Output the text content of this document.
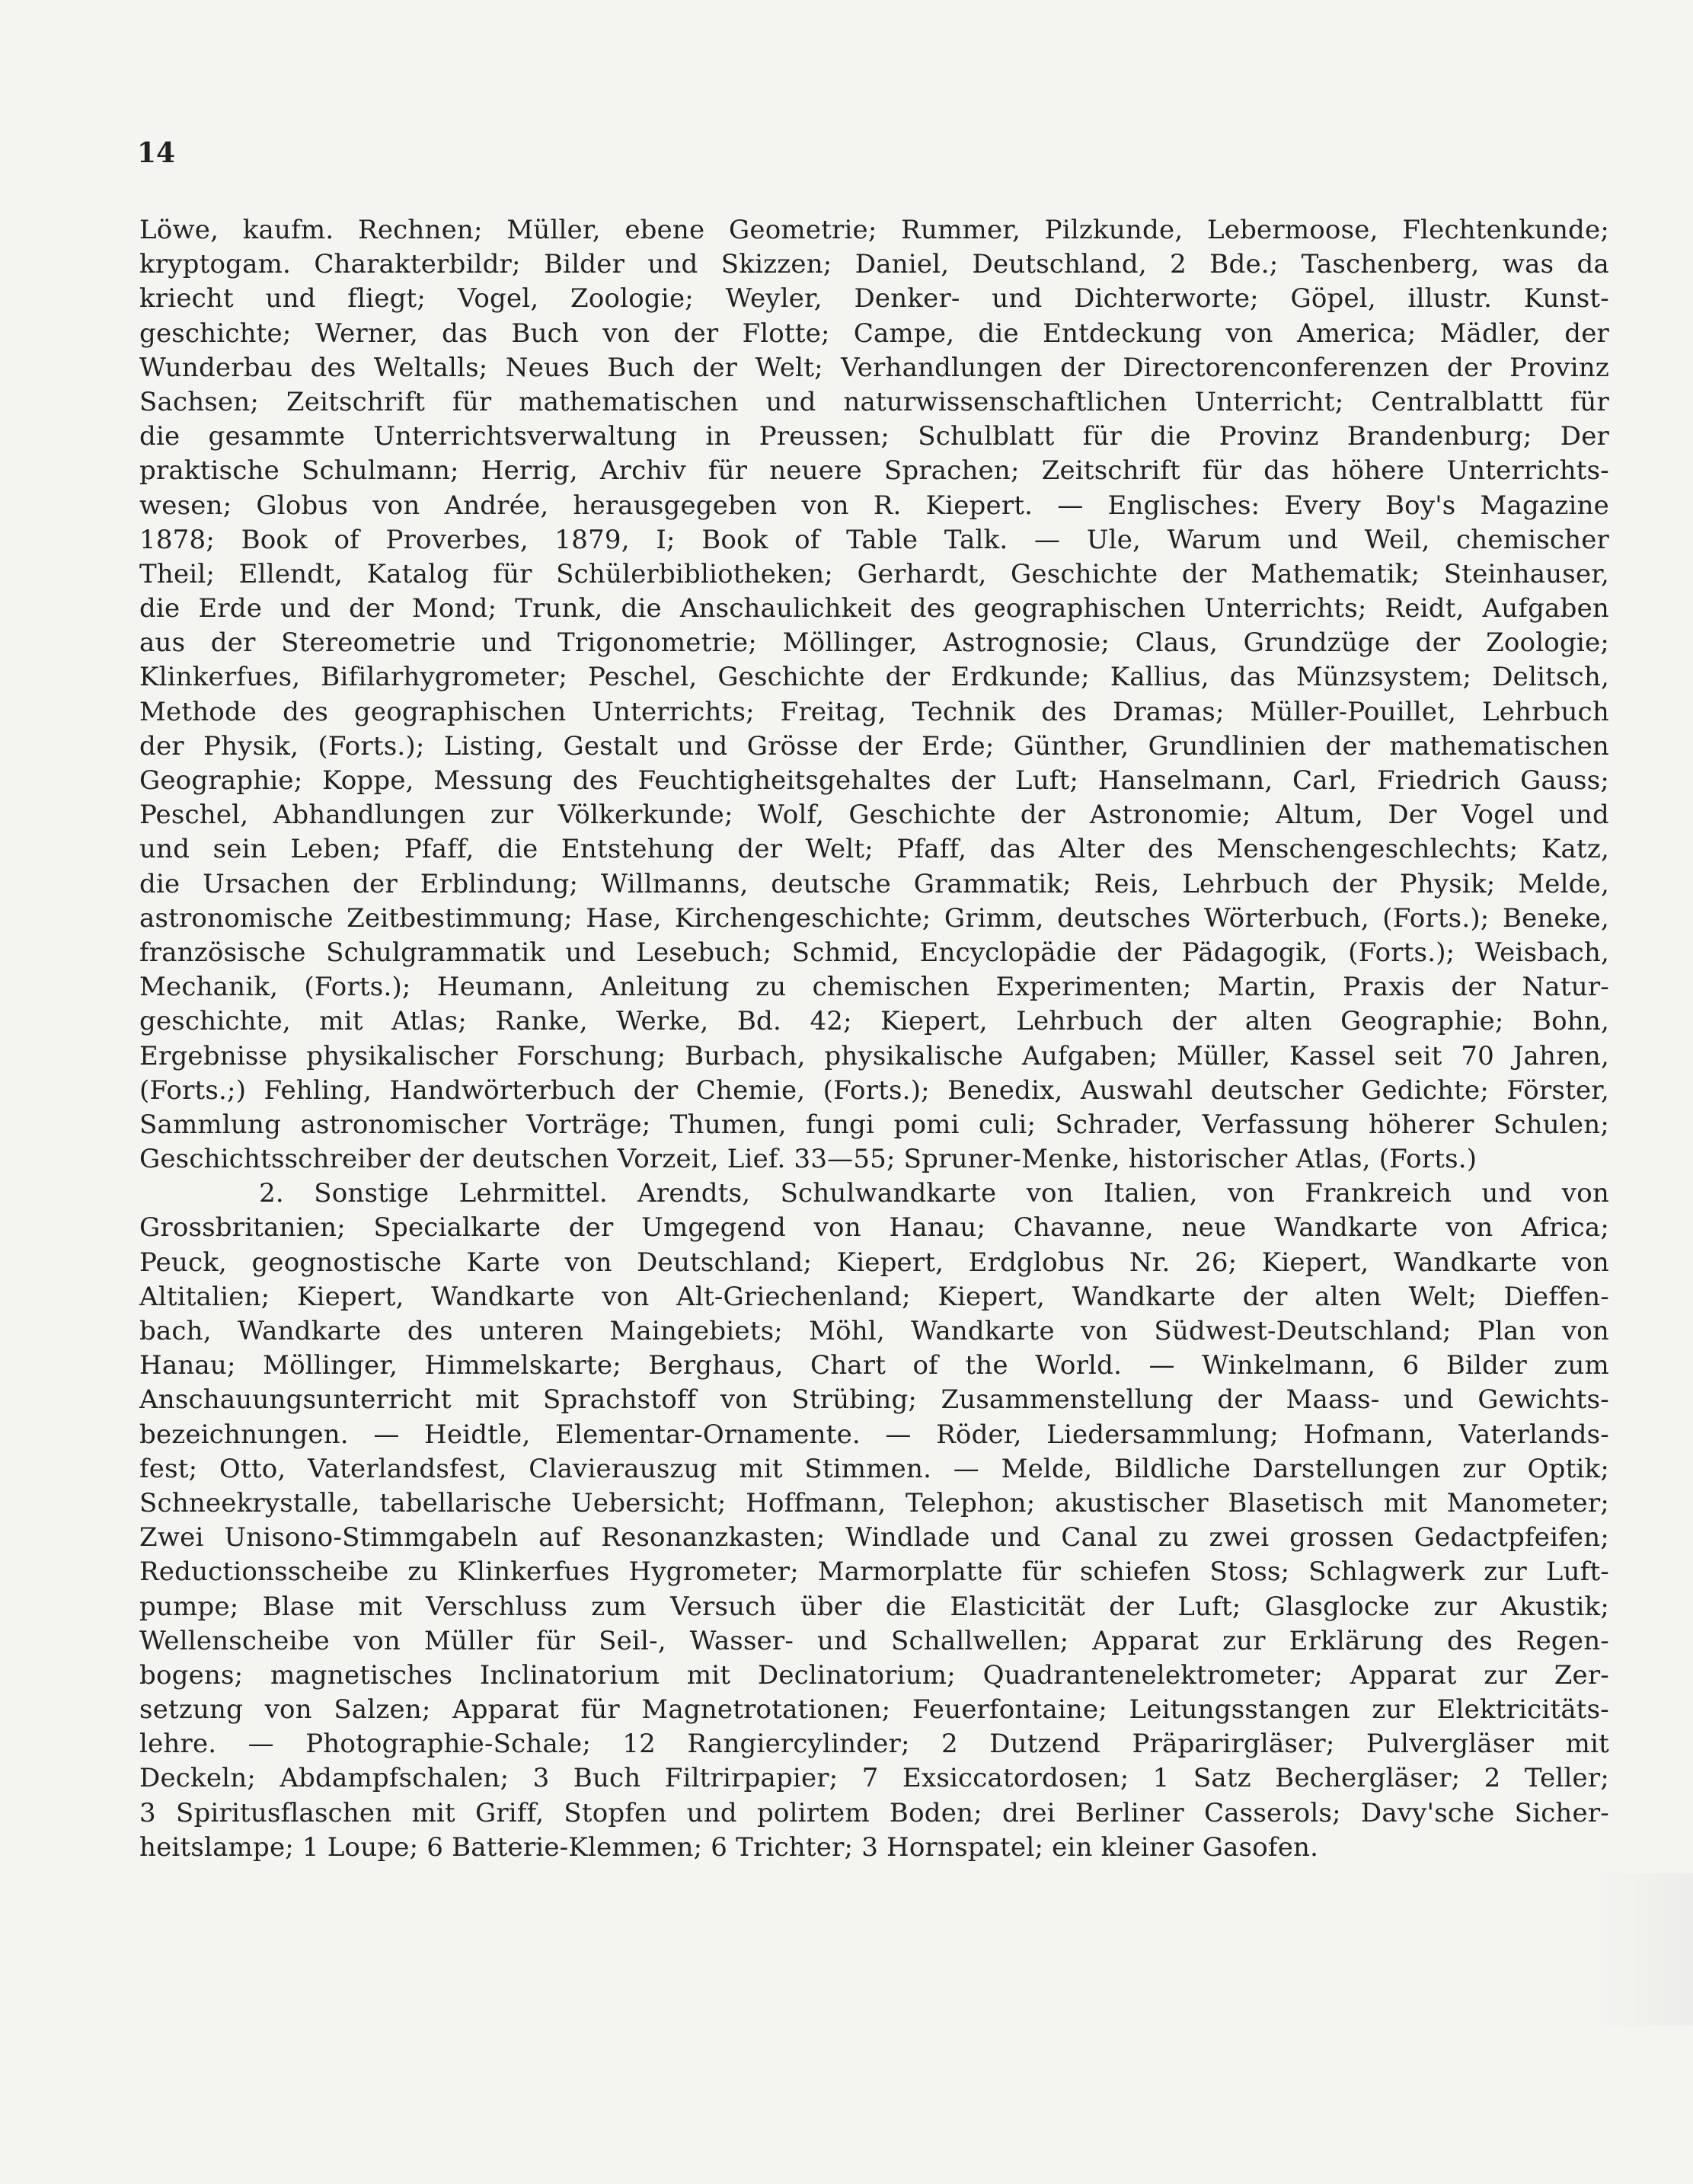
14
Löwe, kaufm. Rechnen; Müller, ebene Geometrie; Rummer, Pilzkunde, Lebermoose, Flechtenkunde;
kryptogam. Charakterbildr; Bilder und Skizzen; Daniel, Deutschland, 2 Bde.; Taschenberg, was da
kriecht und fliegt; Vogel, Zoologie; Weyler, Denker- und Dichterworte; Göpel, illustr. Kunst-
geschichte; Werner, das Buch von der Flotte; Campe, die Entdeckung von America; Mädler, der
Wunderbau des Weltalls; Neues Buch der Welt; Verhandlungen der Directorenconferenzen der Provinz
Sachsen; Zeitschrift für mathematischen und naturwissenschaftlichen Unterricht; Centralblattt für
die gesammte Unterrichtsverwaltung in Preussen; Schulblatt für die Provinz Brandenburg; Der
praktische Schulmann; Herrig, Archiv für neuere Sprachen; Zeitschrift für das höhere Unterrichts-
wesen; Globus von Andrée, herausgegeben von R. Kiepert. — Englisches: Every Boy's Magazine
1878; Book of Proverbes, 1879, I; Book of Table Talk. — Ule, Warum und Weil, chemischer
Theil; Ellendt, Katalog für Schülerbibliotheken; Gerhardt, Geschichte der Mathematik; Steinhauser,
die Erde und der Mond; Trunk, die Anschaulichkeit des geographischen Unterrichts; Reidt, Aufgaben
aus der Stereometrie und Trigonometrie; Möllinger, Astrognosie; Claus, Grundzüge der Zoologie;
Klinkerfues, Bifilarhygrometer; Peschel, Geschichte der Erdkunde; Kallius, das Münzsystem; Delitsch,
Methode des geographischen Unterrichts; Freitag, Technik des Dramas; Müller-Pouillet, Lehrbuch
der Physik, (Forts.); Listing, Gestalt und Grösse der Erde; Günther, Grundlinien der mathematischen
Geographie; Koppe, Messung des Feuchtigheitsgehaltes der Luft; Hanselmann, Carl, Friedrich Gauss;
Peschel, Abhandlungen zur Völkerkunde; Wolf, Geschichte der Astronomie; Altum, Der Vogel und
und sein Leben; Pfaff, die Entstehung der Welt; Pfaff, das Alter des Menschengeschlechts; Katz,
die Ursachen der Erblindung; Willmanns, deutsche Grammatik; Reis, Lehrbuch der Physik; Melde,
astronomische Zeitbestimmung; Hase, Kirchengeschichte; Grimm, deutsches Wörterbuch, (Forts.); Beneke,
französische Schulgrammatik und Lesebuch; Schmid, Encyclopädie der Pädagogik, (Forts.); Weisbach,
Mechanik, (Forts.); Heumann, Anleitung zu chemischen Experimenten; Martin, Praxis der Natur-
geschichte, mit Atlas; Ranke, Werke, Bd. 42; Kiepert, Lehrbuch der alten Geographie; Bohn,
Ergebnisse physikalischer Forschung; Burbach, physikalische Aufgaben; Müller, Kassel seit 70 Jahren,
(Forts.;) Fehling, Handwörterbuch der Chemie, (Forts.); Benedix, Auswahl deutscher Gedichte; Förster,
Sammlung astronomischer Vorträge; Thumen, fungi pomi culi; Schrader, Verfassung höherer Schulen;
Geschichtsschreiber der deutschen Vorzeit, Lief. 33—55; Spruner-Menke, historischer Atlas, (Forts.)
2. Sonstige Lehrmittel. Arendts, Schulwandkarte von Italien, von Frankreich und von
Grossbritanien; Specialkarte der Umgegend von Hanau; Chavanne, neue Wandkarte von Africa;
Peuck, geognostische Karte von Deutschland; Kiepert, Erdglobus Nr. 26; Kiepert, Wandkarte von
Altitalien; Kiepert, Wandkarte von Alt-Griechenland; Kiepert, Wandkarte der alten Welt; Dieffen-
bach, Wandkarte des unteren Maingebiets; Möhl, Wandkarte von Südwest-Deutschland; Plan von
Hanau; Möllinger, Himmelskarte; Berghaus, Chart of the World. — Winkelmann, 6 Bilder zum
Anschauungsunterricht mit Sprachstoff von Strübing; Zusammenstellung der Maass- und Gewichts-
bezeichnungen. — Heidtle, Elementar-Ornamente. — Röder, Liedersammlung; Hofmann, Vaterlands-
fest; Otto, Vaterlandsfest, Clavierauszug mit Stimmen. — Melde, Bildliche Darstellungen zur Optik;
Schneekrystalle, tabellarische Uebersicht; Hoffmann, Telephon; akustischer Blasetisch mit Manometer;
Zwei Unisono-Stimmgabeln auf Resonanzkasten; Windlade und Canal zu zwei grossen Gedactpfeifen;
Reductionsscheibe zu Klinkerfues Hygrometer; Marmorplatte für schiefen Stoss; Schlagwerk zur Luft-
pumpe; Blase mit Verschluss zum Versuch über die Elasticität der Luft; Glasglocke zur Akustik;
Wellenscheibe von Müller für Seil-, Wasser- und Schallwellen; Apparat zur Erklärung des Regen-
bogens; magnetisches Inclinatorium mit Declinatorium; Quadrantenelektrometer; Apparat zur Zer-
setzung von Salzen; Apparat für Magnetrotationen; Feuerfontaine; Leitungsstangen zur Elektricitäts-
lehre. — Photographie-Schale; 12 Rangiercylinder; 2 Dutzend Präparirgläser; Pulvergläser mit
Deckeln; Abdampfschalen; 3 Buch Filtrirpapier; 7 Exsiccatordosen; 1 Satz Bechergläser; 2 Teller;
3 Spiritusflaschen mit Griff, Stopfen und polirtem Boden; drei Berliner Casserols; Davy'sche Sicher-
heitslampe; 1 Loupe; 6 Batterie-Klemmen; 6 Trichter; 3 Hornspatel; ein kleiner Gasofen.
